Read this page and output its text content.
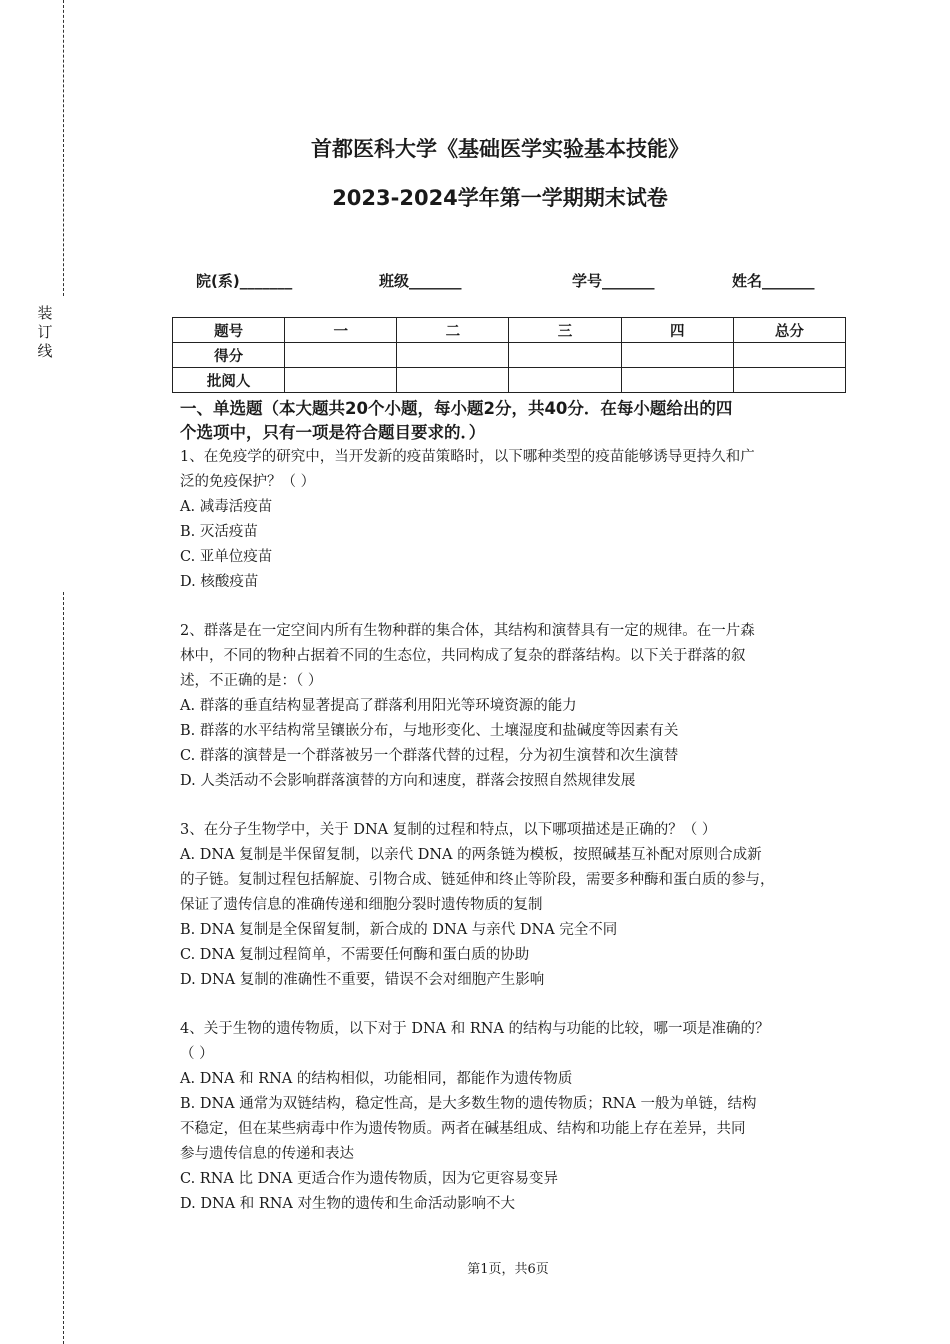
装
订
线
首都医科大学《基础医学实验基本技能》
2023-2024学年第一学期期末试卷
院(系)_______	班级_______	学号_______	姓名_______
题号	一	二	三	四	总分
得分					
批阅人					
一、单选题（本大题共20个小题，每小题2分，共40分．在每小题给出的四
个选项中，只有一项是符合题目要求的．）

1、在免疫学的研究中，当开发新的疫苗策略时，以下哪种类型的疫苗能够诱导更持久和广

泛的免疫保护？（ ）

A. 减毒活疫苗

B. 灭活疫苗

C. 亚单位疫苗

D. 核酸疫苗

2、群落是在一定空间内所有生物种群的集合体，其结构和演替具有一定的规律。在一片森

林中，不同的物种占据着不同的生态位，共同构成了复杂的群落结构。以下关于群落的叙

述，不正确的是：（ ）

A. 群落的垂直结构显著提高了群落利用阳光等环境资源的能力

B. 群落的水平结构常呈镶嵌分布，与地形变化、土壤湿度和盐碱度等因素有关

C. 群落的演替是一个群落被另一个群落代替的过程，分为初生演替和次生演替

D. 人类活动不会影响群落演替的方向和速度，群落会按照自然规律发展

3、在分子生物学中，关于 DNA 复制的过程和特点，以下哪项描述是正确的？（ ）

A. DNA 复制是半保留复制，以亲代 DNA 的两条链为模板，按照碱基互补配对原则合成新

的子链。复制过程包括解旋、引物合成、链延伸和终止等阶段，需要多种酶和蛋白质的参与，

保证了遗传信息的准确传递和细胞分裂时遗传物质的复制

B. DNA 复制是全保留复制，新合成的 DNA 与亲代 DNA 完全不同

C. DNA 复制过程简单，不需要任何酶和蛋白质的协助

D. DNA 复制的准确性不重要，错误不会对细胞产生影响

4、关于生物的遗传物质，以下对于 DNA 和 RNA 的结构与功能的比较，哪一项是准确的？

（ ）

A. DNA 和 RNA 的结构相似，功能相同，都能作为遗传物质

B. DNA 通常为双链结构，稳定性高，是大多数生物的遗传物质；RNA 一般为单链，结构

不稳定，但在某些病毒中作为遗传物质。两者在碱基组成、结构和功能上存在差异，共同

参与遗传信息的传递和表达

C. RNA 比 DNA 更适合作为遗传物质，因为它更容易变异

D. DNA 和 RNA 对生物的遗传和生命活动影响不大

第1页，共6页
